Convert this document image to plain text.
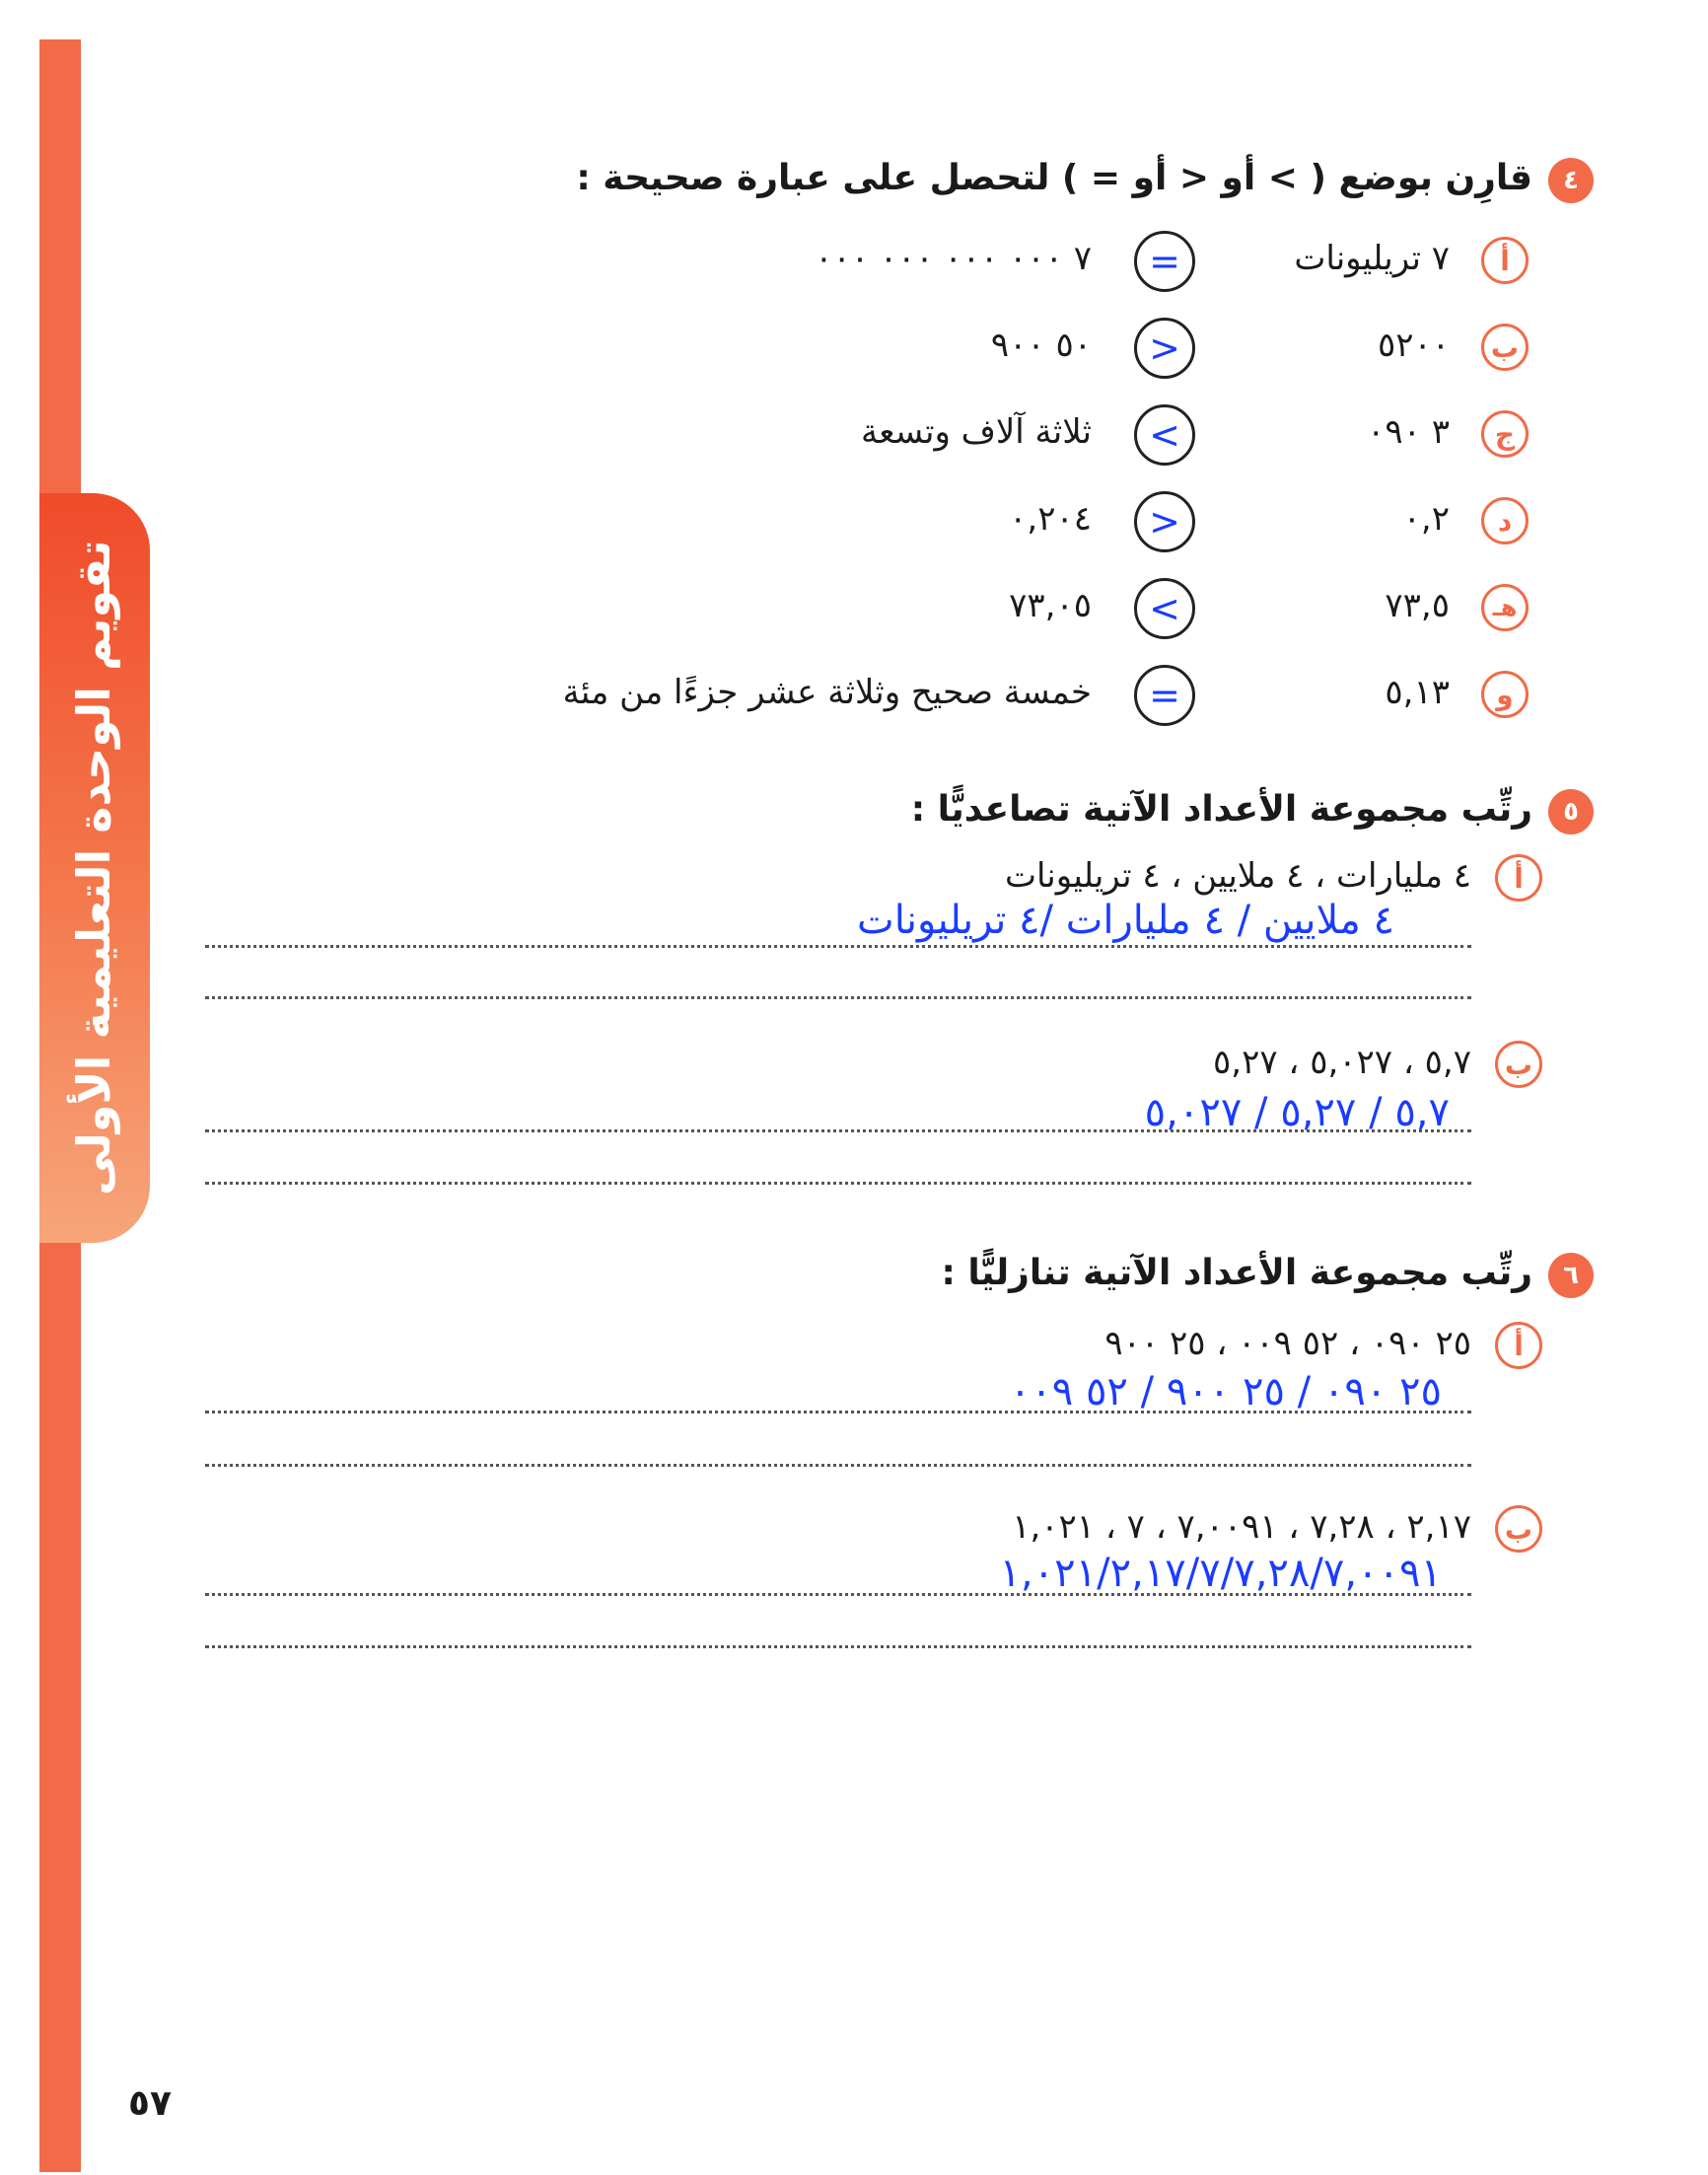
تقويم الوحدة التعليمية الأولى
٤
قارِن بوضع ( > أو < أو = ) لتحصل على عبارة صحيحة :
أ
٧ تريليونات
=
٧ ٠٠٠ ٠٠٠ ٠٠٠ ٠٠٠
ب
٥٢٠٠
>
٥٠ ٩٠٠
ج
٣ ٠٩٠
<
ثلاثة آلاف وتسعة
د
٠,٢
>
٠,٢٠٤
هـ
٧٣,٥
<
٧٣,٠٥
و
٥,١٣
=
خمسة صحيح وثلاثة عشر جزءًا من مئة
٥
رتِّب مجموعة الأعداد الآتية تصاعديًّا :
أ
٤ مليارات ، ٤ ملايين ، ٤ تريليونات
٤ ملايين / ٤ مليارات /٤ تريليونات
ب
٥,٧ ، ٥,٠٢٧ ، ٥,٢٧
٥,٧ / ٥,٢٧ / ٥,٠٢٧
٦
رتِّب مجموعة الأعداد الآتية تنازليًّا :
أ
٢٥ ٠٩٠ ، ٥٢ ٠٠٩ ، ٢٥ ٩٠٠
٢٥ ٠٩٠ / ٢٥ ٩٠٠ / ٥٢ ٠٠٩
ب
٢,١٧ ، ٧,٢٨ ، ٧,٠٠٩١ ، ٧ ، ١,٠٢١
١,٠٢١/٢,١٧/٧/٧,٢٨/٧,٠٠٩١
٥٧
